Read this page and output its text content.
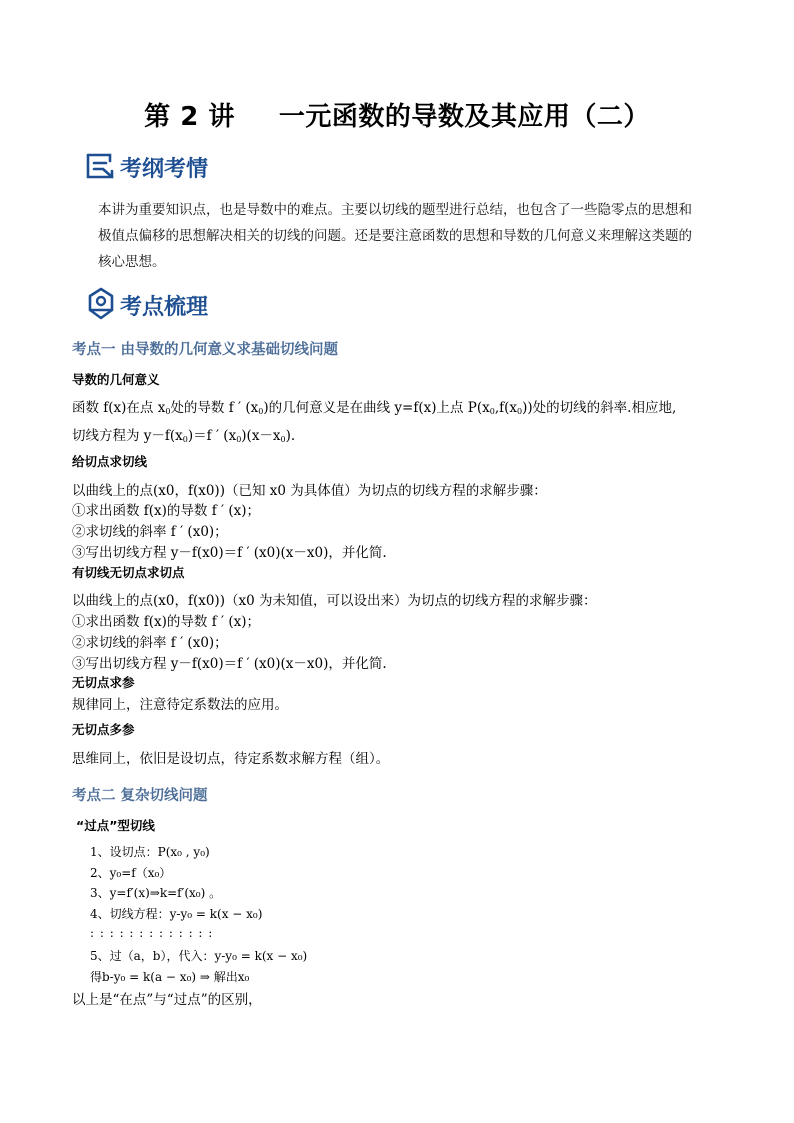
第 2 讲 一元函数的导数及其应用（二）
考纲考情
本讲为重要知识点，也是导数中的难点。主要以切线的题型进行总结，也包含了一些隐零点的思想和
极值点偏移的思想解决相关的切线的问题。还是要注意函数的思想和导数的几何意义来理解这类题的
核心思想。
考点梳理
考点一 由导数的几何意义求基础切线问题
导数的几何意义
函数 f(x)在点 $x_0$处的导数 f ′ $(x_0)$的几何意义是在曲线 y=f(x)上点 $P(x_0,f(x_0))$处的切线的斜率.相应地,
切线方程为 $y-f(x_0)=f$ ′ $(x_0)(x-x_0)$.
给切点求切线
以曲线上的点(x0，f(x0))（已知 x0 为具体值）为切点的切线方程的求解步骤：
①求出函数 f(x)的导数 f ′ (x)；
②求切线的斜率 f ′ (x0)；
③写出切线方程 y－f(x0)＝f ′ (x0)(x－x0)，并化简.
有切线无切点求切点
以曲线上的点(x0，f(x0))（x0 为未知值，可以设出来）为切点的切线方程的求解步骤：
①求出函数 f(x)的导数 f ′ (x)；
②求切线的斜率 f ′ (x0)；
③写出切线方程 y－f(x0)＝f ′ (x0)(x－x0)，并化简.
无切点求参
规律同上，注意待定系数法的应用。
无切点多参
思维同上，依旧是设切点，待定系数求解方程（组）。
考点二 复杂切线问题
“过点”型切线
1、设切点：P(x₀ , y₀)
2、y₀=f（x₀）
3、y=f′(x)⇒k=f′(x₀) 。
4、切线方程：y-y₀ = k(x − x₀)
: : : : : : : : : : : : :
5、过（a，b），代入：y-y₀ = k(x − x₀)
得b-y₀ = k(a − x₀) ⇒ 解出x₀
以上是“在点”与“过点”的区别，
